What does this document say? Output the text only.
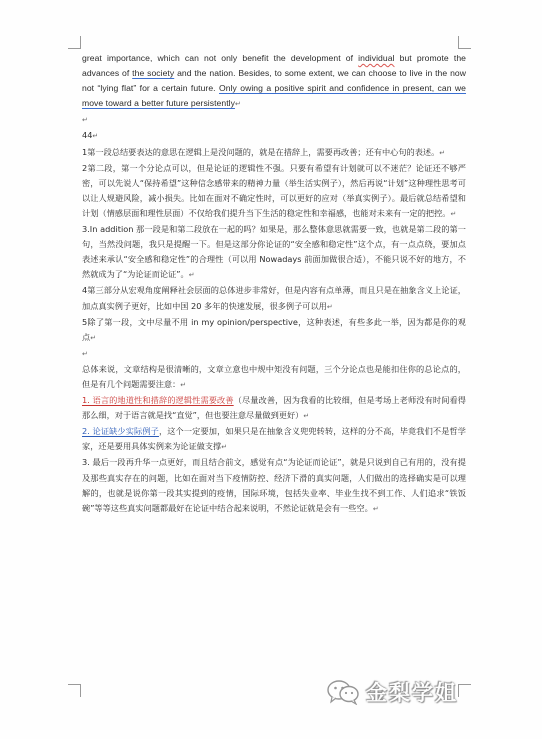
great importance, which can not only benefit the development of individual but promote the advances of the society and the nation. Besides, to some extent, we can choose to live in the now not “lying flat” for a certain future. Only owing a positive spirit and confidence in present, can we move toward a better future persistently↵

↵

44↵

1第一段总结要表达的意思在逻辑上是没问题的，就是在措辞上，需要再改善；还有中心句的表述。↵

2第二段，第一个分论点可以，但是论证的逻辑性不强。只要有希望有计划就可以不迷茫？论证还不够严密，可以先说人“保持希望”这种信念感带来的精神力量（举生活实例子），然后再说“计划”这种理性思考可以让人规避风险，减小损失。比如在面对不确定性时，可以更好的应对（举真实例子）。最后就总结希望和计划（情感层面和理性层面）不仅给我们提升当下生活的稳定性和幸福感，也能对未来有一定的把控。↵

3.In addition 那一段是和第二段放在一起的吗？如果是，那么整体意思就需要一致，也就是第二段的第一句，当然没问题，我只是提醒一下。但是这部分你论证的“安全感和稳定性”这个点，有一点点绕，要加点表述来承认“安全感和稳定性”的合理性（可以用 Nowadays 前面加做很合适），不能只说不好的地方，不然就成为了“为论证而论证”。↵

4第三部分从宏观角度阐释社会层面的总体进步非常好，但是内容有点单薄，而且只是在抽象含义上论证，加点真实例子更好，比如中国 20 多年的快速发展，很多例子可以用↵

5除了第一段，文中尽量不用 in my opinion/perspective，这种表述，有些多此一举，因为都是你的观点↵

↵

总体来说，文章结构是很清晰的，文章立意也中规中矩没有问题，三个分论点也是能扣住你的总论点的，但是有几个问题需要注意：↵

1. 语言的地道性和措辞的逻辑性需要改善（尽量改善，因为我看的比较细，但是考场上老师没有时间看得那么细，对于语言就是找“直觉”，但也要注意尽量做到更好）↵

2. 论证缺少实际例子，这个一定要加，如果只是在抽象含义兜兜转转，这样的分不高，毕竟我们不是哲学家，还是要用具体实例来为论证做支撑↵

3. 最后一段再升华一点更好，而且结合前文，感觉有点“为论证而论证”，就是只说到自己有用的，没有提及那些真实存在的问题，比如在面对当下疫情防控、经济下滑的真实问题，人们做出的选择确实是可以理解的，也就是说你第一段其实提到的疫情，国际环境，包括失业率、毕业生找不到工作、人们追求“铁饭碗”等等这些真实问题都最好在论证中结合起来说明，不然论证就是会有一些空。↵

金梨学姐
